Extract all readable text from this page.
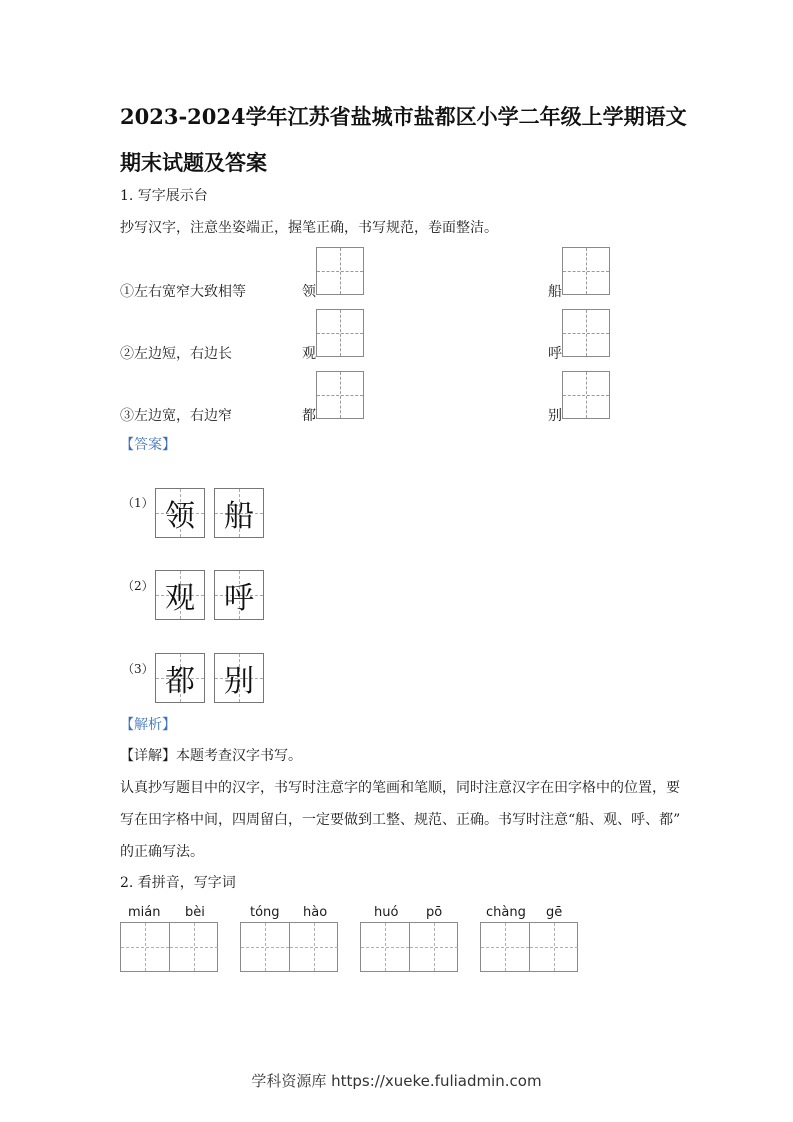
2023-2024学年江苏省盐城市盐都区小学二年级上学期语文
期末试题及答案
1. 写字展示台
抄写汉字，注意坐姿端正，握笔正确，书写规范，卷面整洁。
①左右宽窄大致相等	领	船
②左边短，右边长	观	呼
③左边宽，右边窄	都	别
【答案】
（1） 领 船
（2） 观 呼
（3） 都 别
【解析】
【详解】本题考查汉字书写。
认真抄写题目中的汉字，书写时注意字的笔画和笔顺，同时注意汉字在田字格中的位置，要
写在田字格中间，四周留白，一定要做到工整、规范、正确。书写时注意“船、观、呼、都”
的正确写法。
2. 看拼音，写字词
mián bèi	tóng hào	huó pō	chàng gē
学科资源库 https://xueke.fuliadmin.com
